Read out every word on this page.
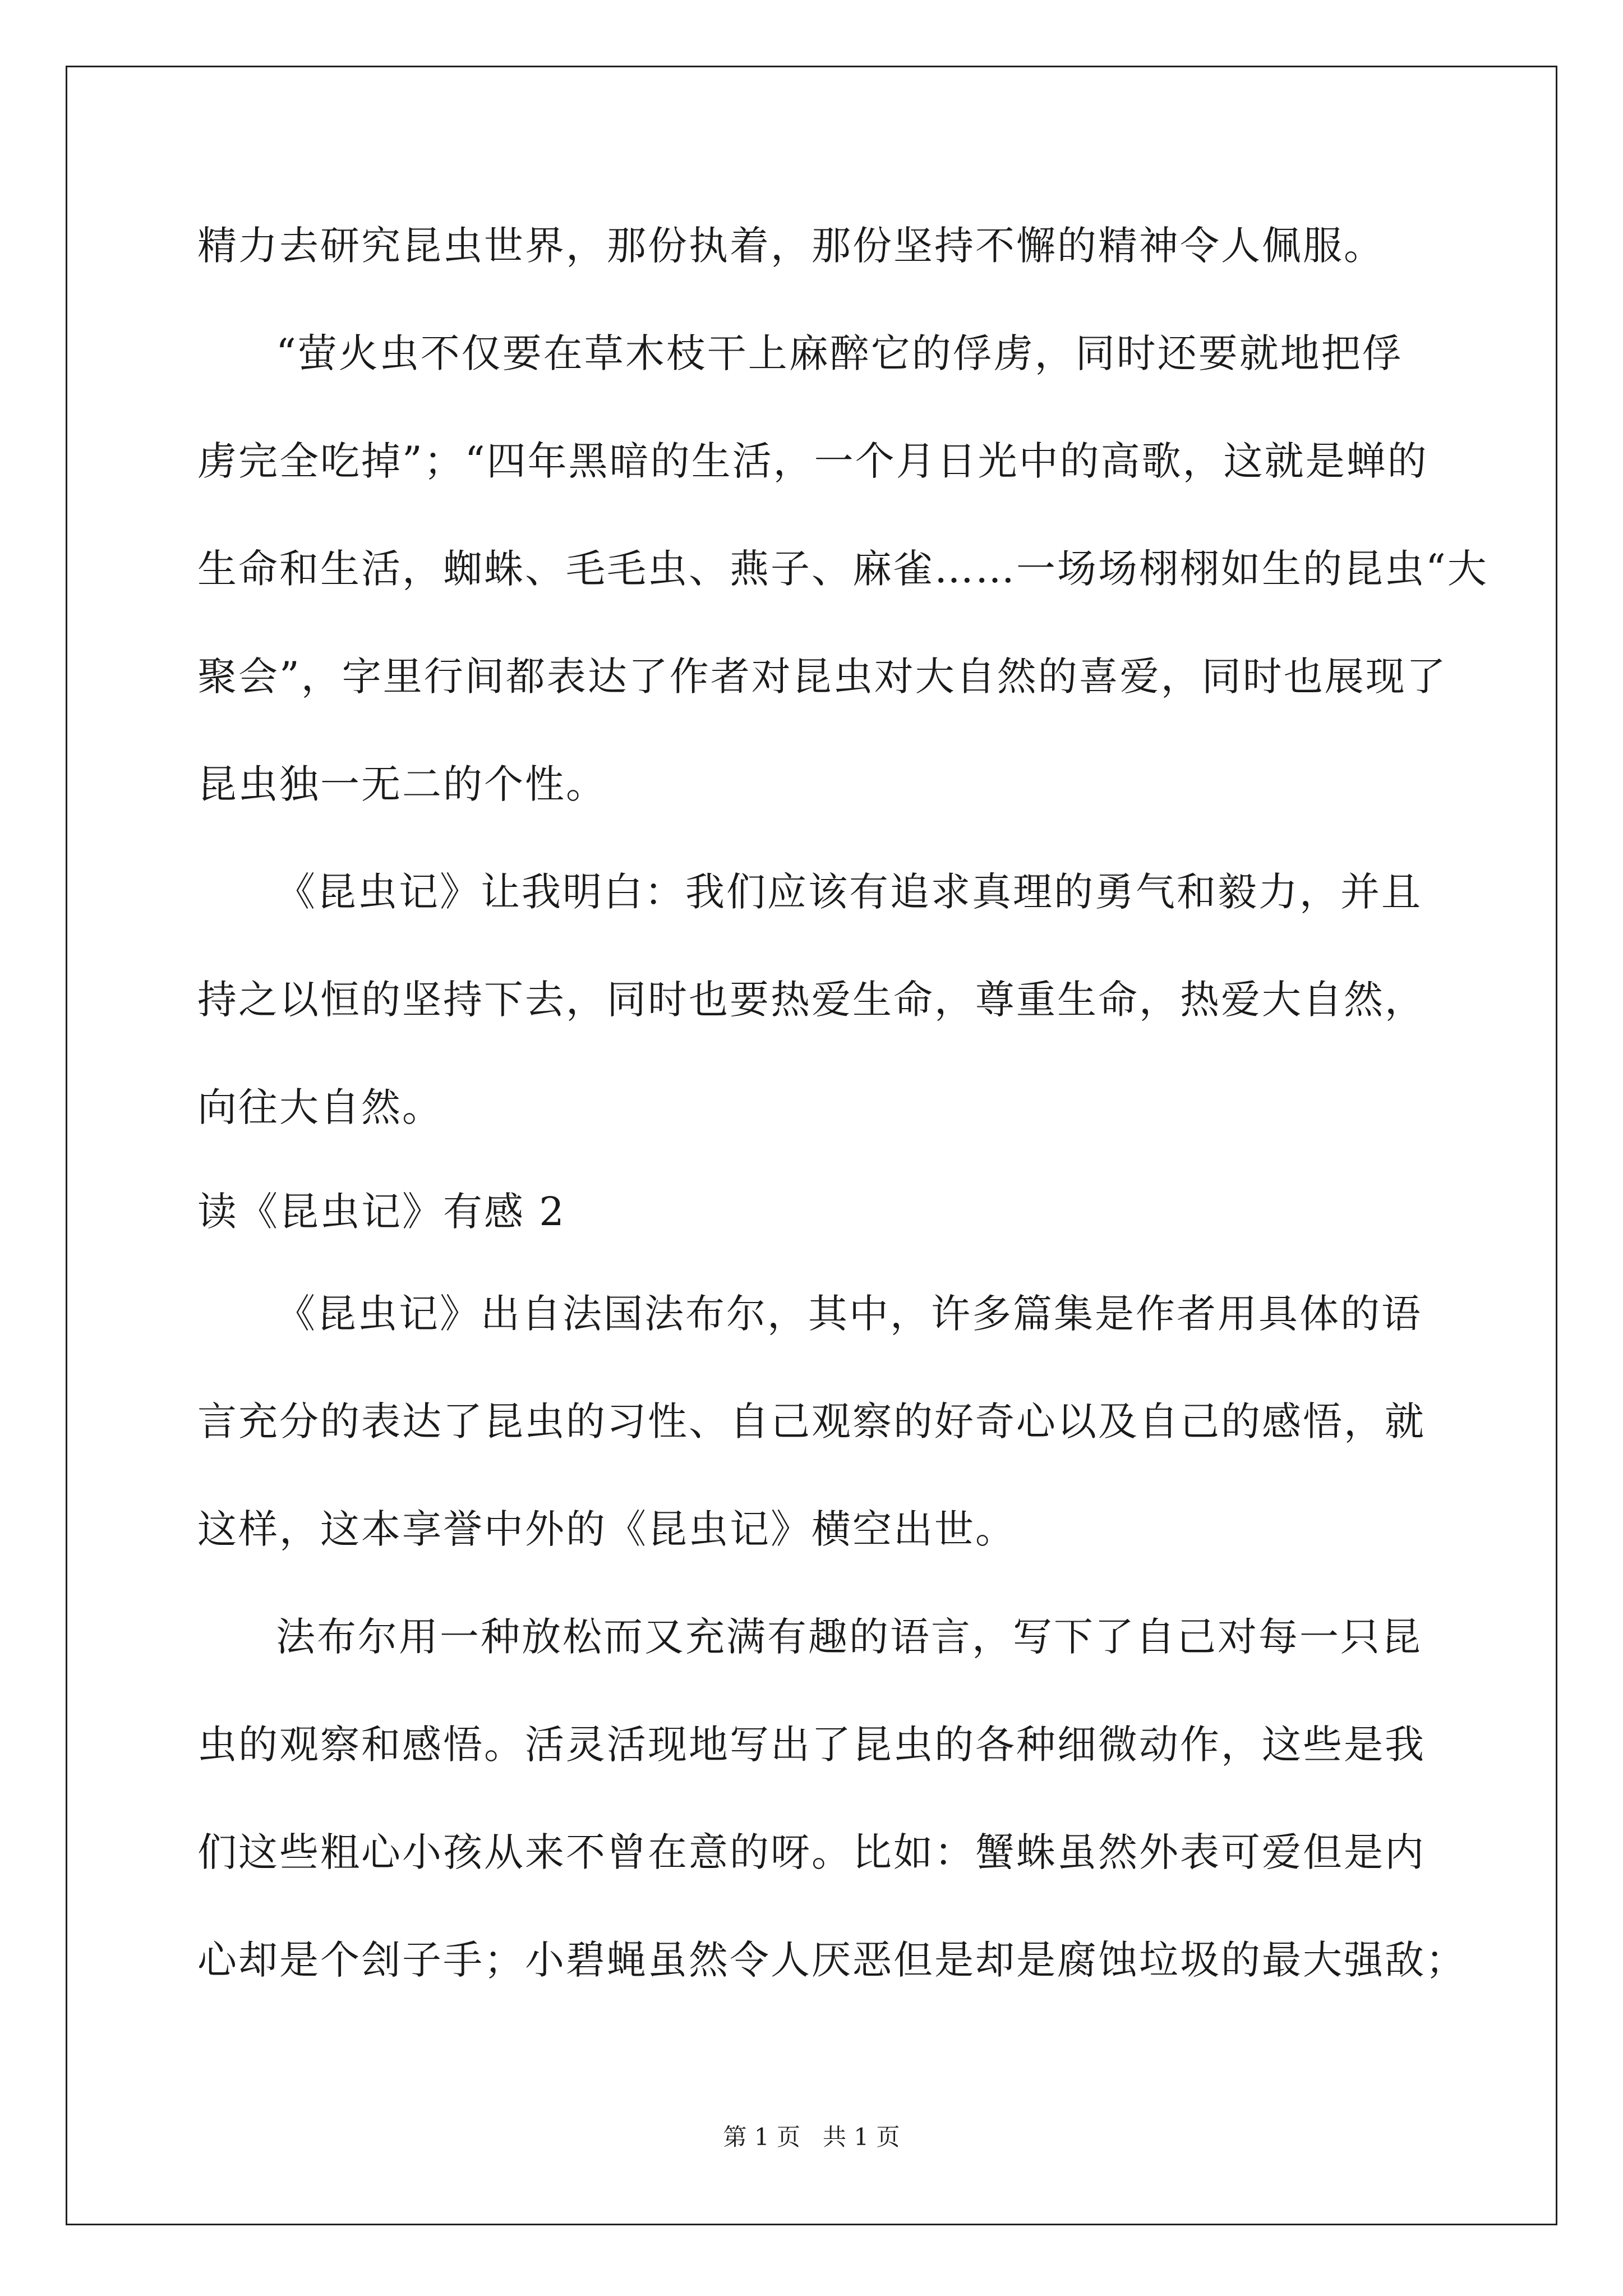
精力去研究昆虫世界，那份执着，那份坚持不懈的精神令人佩服。
“萤火虫不仅要在草木枝干上麻醉它的俘虏，同时还要就地把俘
虏完全吃掉”；“四年黑暗的生活，一个月日光中的高歌，这就是蝉的
生命和生活，蜘蛛、毛毛虫、燕子、麻雀……一场场栩栩如生的昆虫“大
聚会”，字里行间都表达了作者对昆虫对大自然的喜爱，同时也展现了
昆虫独一无二的个性。
《昆虫记》让我明白：我们应该有追求真理的勇气和毅力，并且
持之以恒的坚持下去，同时也要热爱生命，尊重生命，热爱大自然，
向往大自然。
读《昆虫记》有感 2
《昆虫记》出自法国法布尔，其中，许多篇集是作者用具体的语
言充分的表达了昆虫的习性、自己观察的好奇心以及自己的感悟，就
这样，这本享誉中外的《昆虫记》横空出世。
法布尔用一种放松而又充满有趣的语言，写下了自己对每一只昆
虫的观察和感悟。活灵活现地写出了昆虫的各种细微动作，这些是我
们这些粗心小孩从来不曾在意的呀。比如：蟹蛛虽然外表可爱但是内
心却是个刽子手；小碧蝇虽然令人厌恶但是却是腐蚀垃圾的最大强敌；
第 1 页   共 1 页
